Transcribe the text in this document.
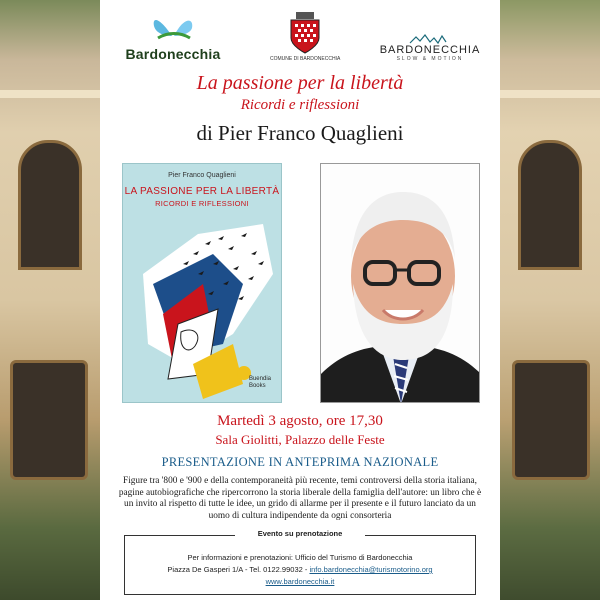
Bardonecchia	COMUNE DI BARDONECCHIA
BARDONECCHIA
SLOW & MOTION
La passione per la libertà
Ricordi e riflessioni
di Pier Franco Quaglieni
Pier Franco Quaglieni
LA PASSIONE PER LA LIBERTÀ
RICORDI E RIFLESSIONI
Buendia
Books
Martedì 3 agosto, ore 17,30
Sala Giolitti, Palazzo delle Feste
PRESENTAZIONE IN ANTEPRIMA NAZIONALE
Figure tra '800 e '900 e della contemporaneità più recente, temi controversi della storia italiana, pagine autobiografiche che ripercorrono la storia liberale della famiglia dell'autore: un libro che è un invito al rispetto di tutte le idee, un grido di allarme per il presente e il futuro lanciato da un uomo di cultura indipendente da ogni consorteria
Evento su prenotazione
Per informazioni e prenotazioni: Ufficio del Turismo di Bardonecchia
Piazza De Gasperi 1/A - Tel. 0122.99032 - info.bardonecchia@turismotorino.org
www.bardonecchia.it
